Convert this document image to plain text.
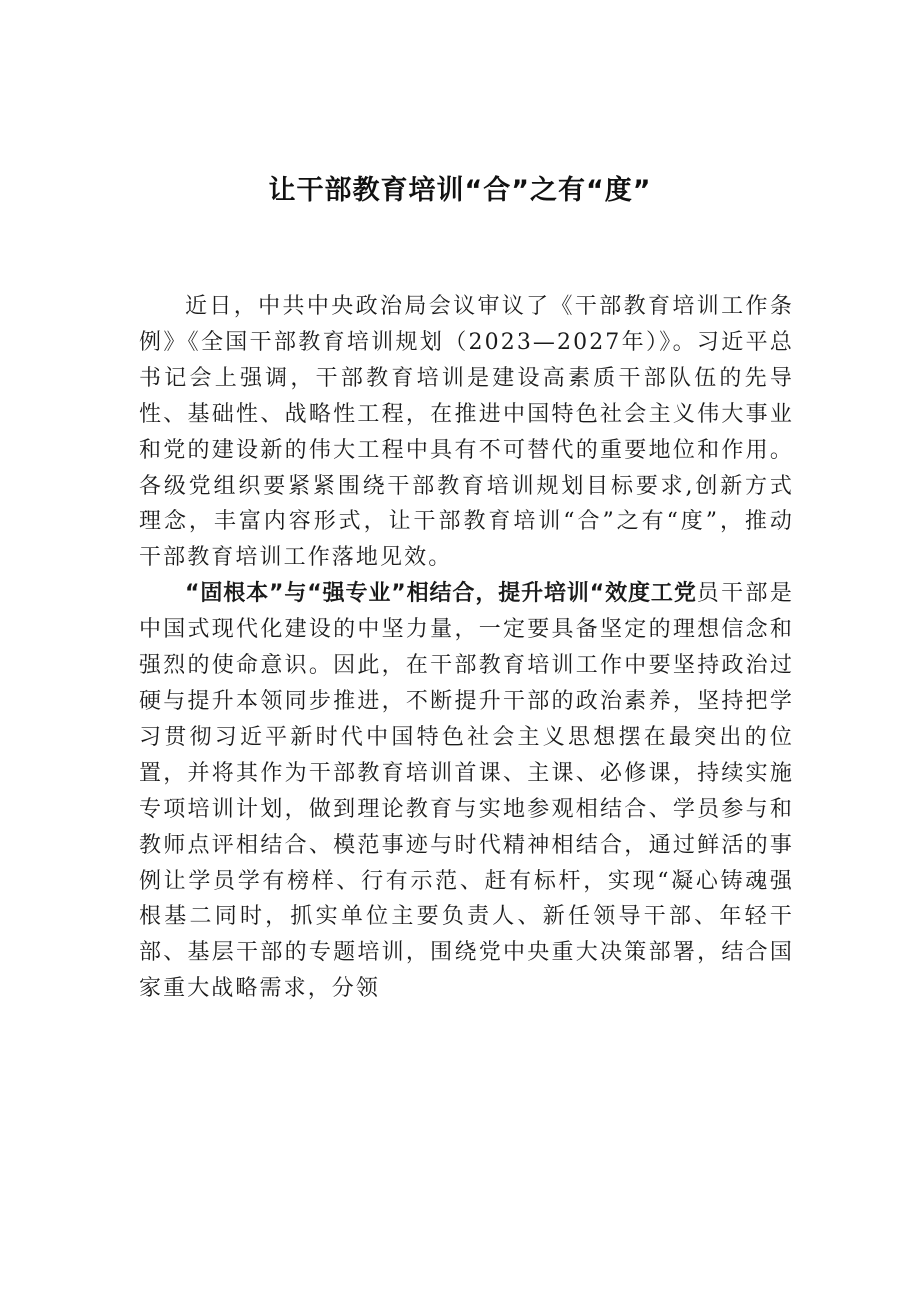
让干部教育培训“合”之有“度”

近日，中共中央政治局会议审议了《干部教育培训工作条例》《全国干部教育培训规划（2023—2027年）》。习近平总书记会上强调，干部教育培训是建设高素质干部队伍的先导性、基础性、战略性工程，在推进中国特色社会主义伟大事业和党的建设新的伟大工程中具有不可替代的重要地位和作用。各级党组织要紧紧围绕干部教育培训规划目标要求,创新方式理念，丰富内容形式，让干部教育培训“合”之有“度”，推动干部教育培训工作落地见效。

“固根本”与“强专业”相结合，提升培训“效度工党员干部是中国式现代化建设的中坚力量，一定要具备坚定的理想信念和强烈的使命意识。因此，在干部教育培训工作中要坚持政治过硬与提升本领同步推进，不断提升干部的政治素养，坚持把学习贯彻习近平新时代中国特色社会主义思想摆在最突出的位置，并将其作为干部教育培训首课、主课、必修课，持续实施专项培训计划，做到理论教育与实地参观相结合、学员参与和教师点评相结合、模范事迹与时代精神相结合，通过鲜活的事例让学员学有榜样、行有示范、赶有标杆，实现“凝心铸魂强根基二同时，抓实单位主要负责人、新任领导干部、年轻干部、基层干部的专题培训，围绕党中央重大决策部署，结合国家重大战略需求，分领
